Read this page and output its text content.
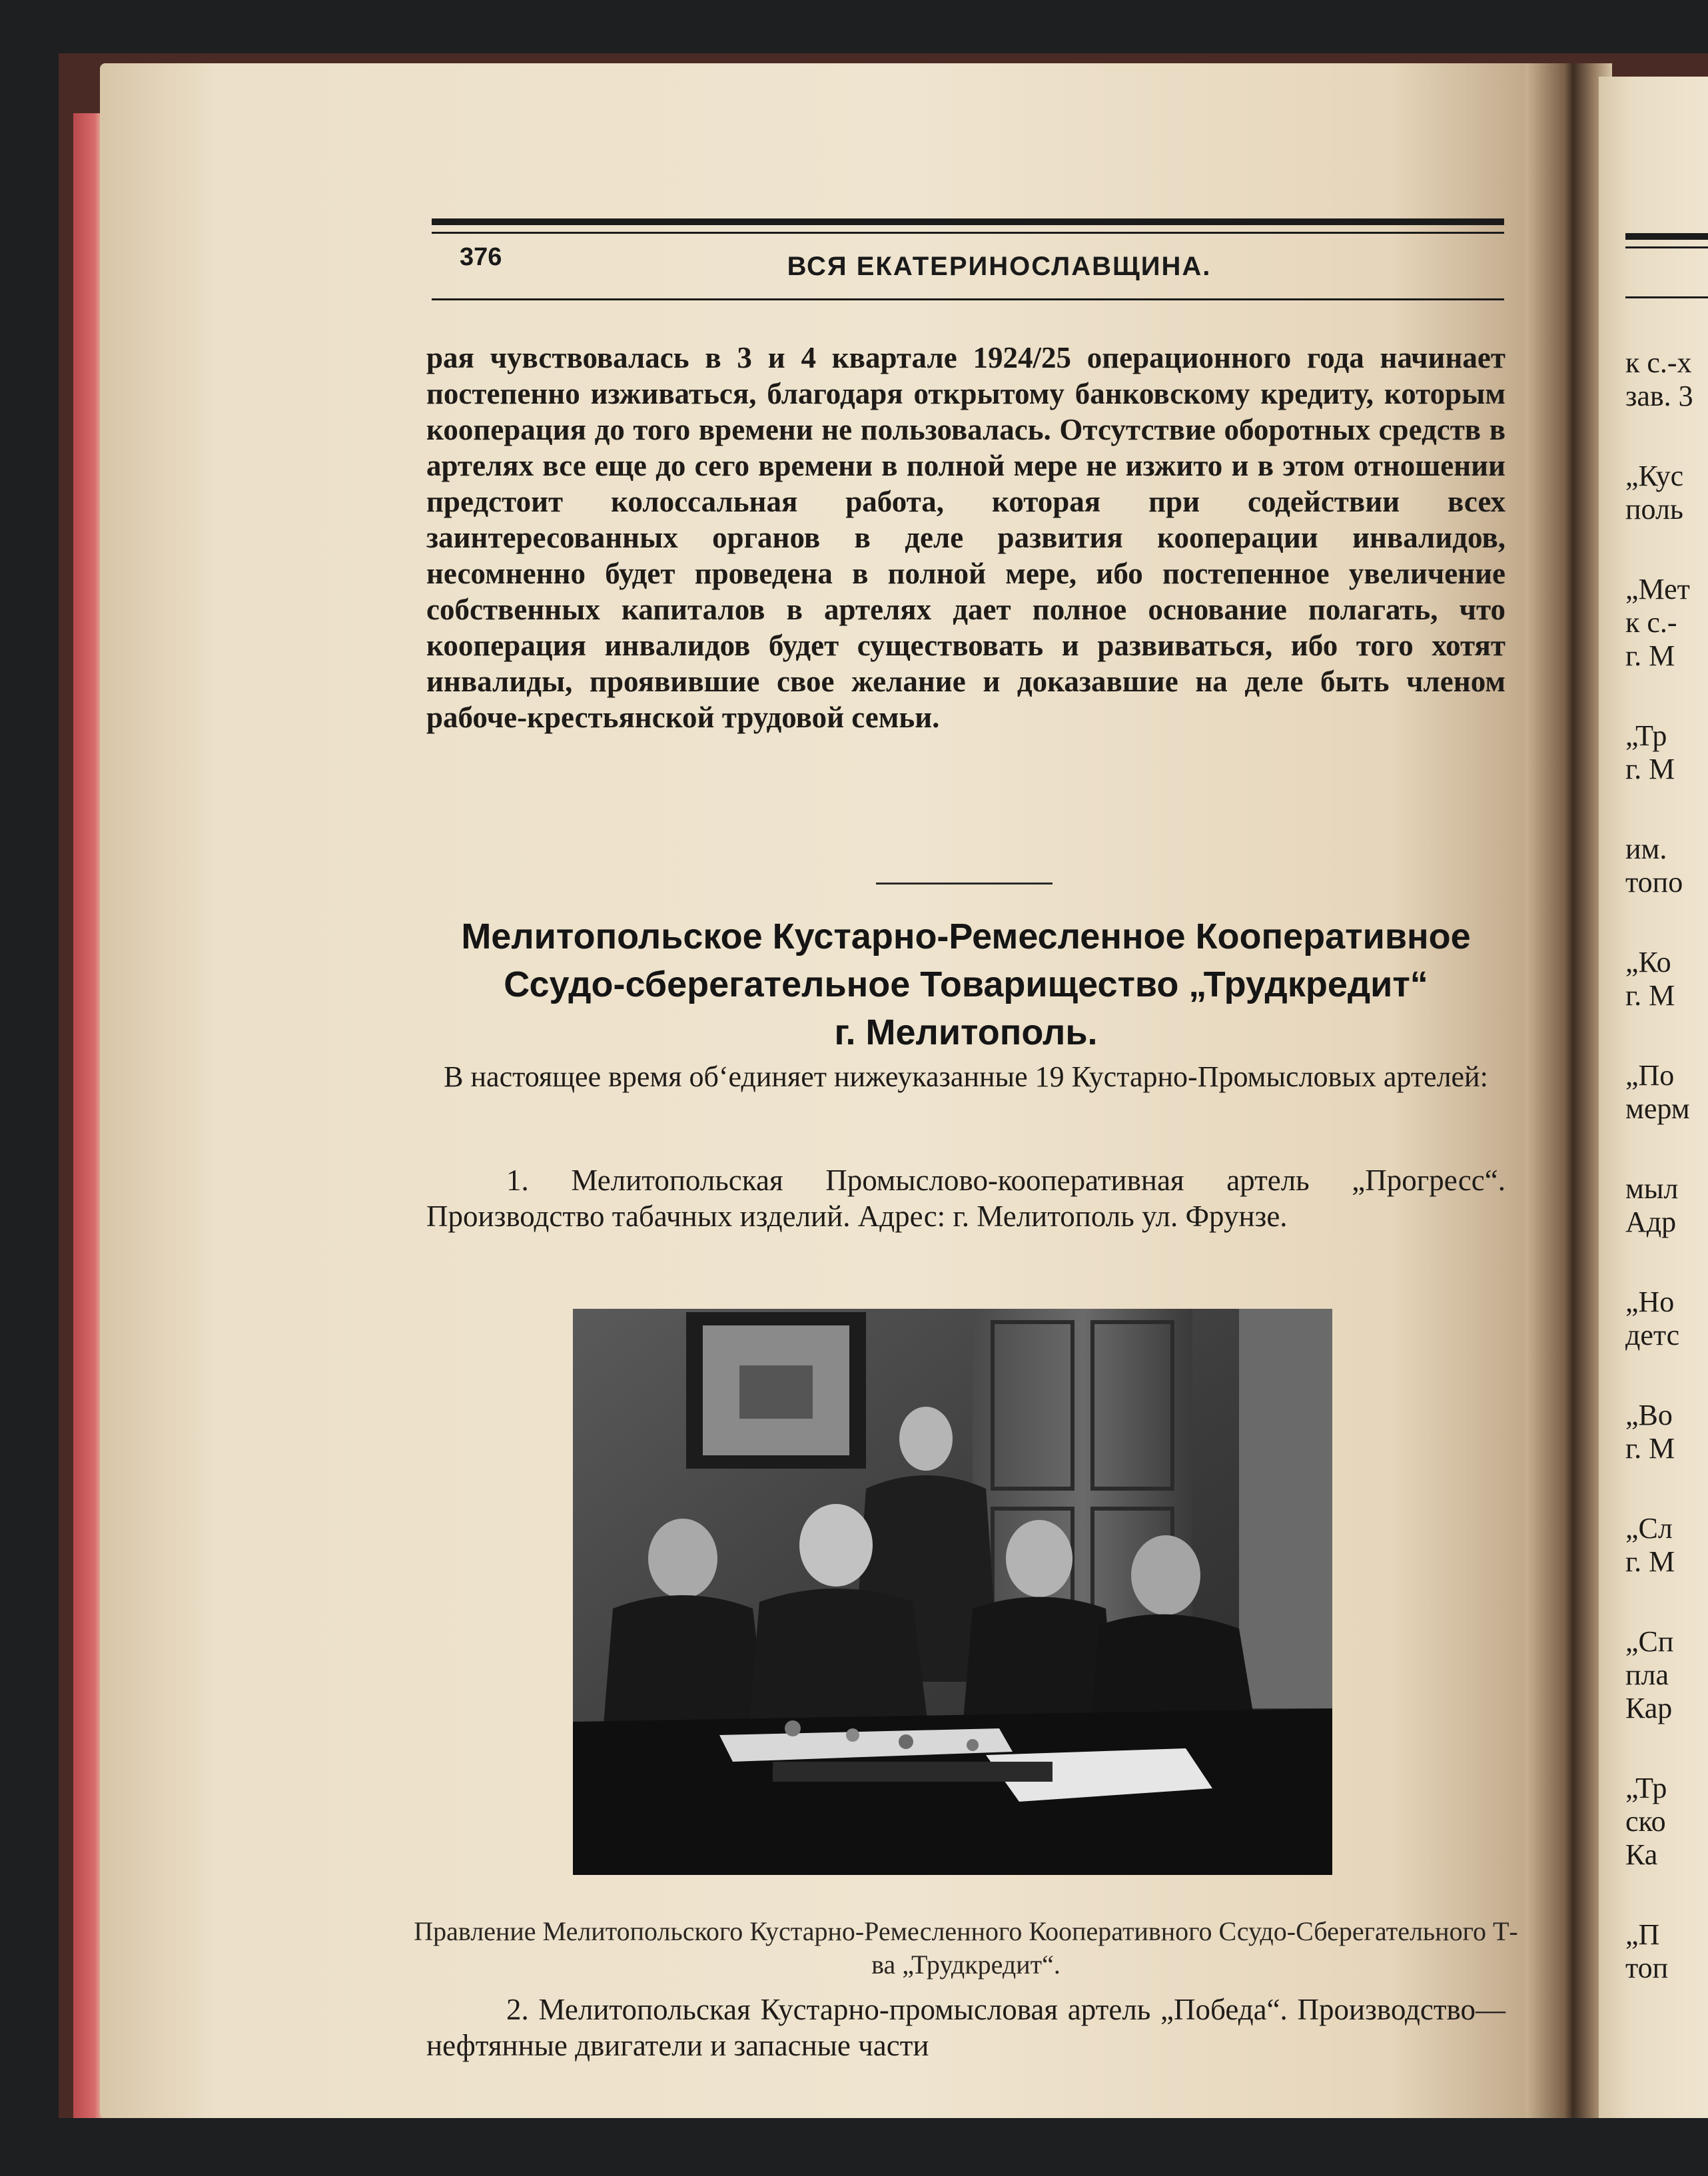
376	ВСЯ ЕКАТЕРИНОСЛАВЩИНА.
рая чувствовалась в 3 и 4 квартале 1924/25 операционного года начинает постепенно изживаться, благодаря открытому банковскому кредиту, которым кооперация до того времени не пользовалась. Отсутствие оборотных средств в артелях все еще до сего времени в полной мере не изжито и в этом отношении предстоит колоссальная работа, которая при содействии всех заинтересованных органов в деле развития кооперации инвалидов, несомненно будет проведена в полной мере, ибо постепенное увеличение собственных капиталов в артелях дает полное основание полагать, что кооперация инвалидов будет существовать и развиваться, ибо того хотят инвалиды, проявившие свое желание и доказавшие на деле быть членом рабоче-крестьянской трудовой семьи.
Мелитопольское Кустарно-Ремесленное Кооперативное
Ссудо-сберегательное Товарищество „Трудкредит“
г. Мелитополь.
В настоящее время об‘единяет нижеуказанные 19 Кустарно-Промысловых артелей:
1. Мелитопольская Промыслово-кооперативная артель „Прогресс“. Производство табачных изделий. Адрес: г. Мелитополь ул. Фрунзе.
Правление Мелитопольского Кустарно-Ремесленного Кооперативного Ссудо-Сберегательного Т-ва „Трудкредит“.
2. Мелитопольская Кустарно-промысловая артель „Победа“. Производство—нефтянные двигатели и запасные части
к с.-х
зав. 3
„Кус
поль
„Мет
к с.-
г. М
„Тр
г. М
им.
топо
„Ко
г. М
„По
мерм
мыл
Адр
„Но
детс
„Во
г. М
„Сл
г. М
„Сп
пла
Кар
„Тр
ско
Ка
„П
топ
